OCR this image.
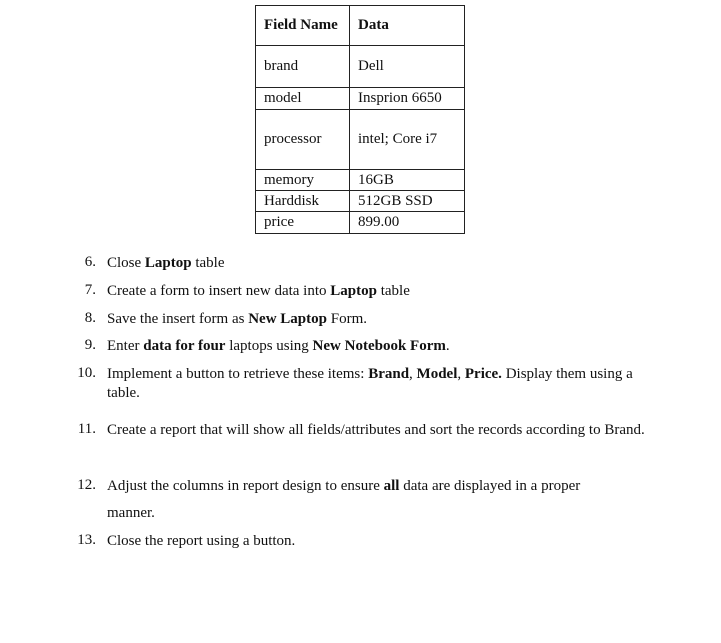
Field Name	Data
brand	Dell
model	Insprion 6650
processor	intel; Core i7
memory	16GB
Harddisk	512GB SSD
price	899.00
6. Close Laptop table
7. Create a form to insert new data into Laptop table
8. Save the insert form as New Laptop Form.
9. Enter data for four laptops using New Notebook Form.
10. Implement a button to retrieve these items: Brand, Model, Price. Display them using a table.
11. Create a report that will show all fields/attributes and sort the records according to Brand.
12. Adjust the columns in report design to ensure all data are displayed in a proper
manner.
13. Close the report using a button.
